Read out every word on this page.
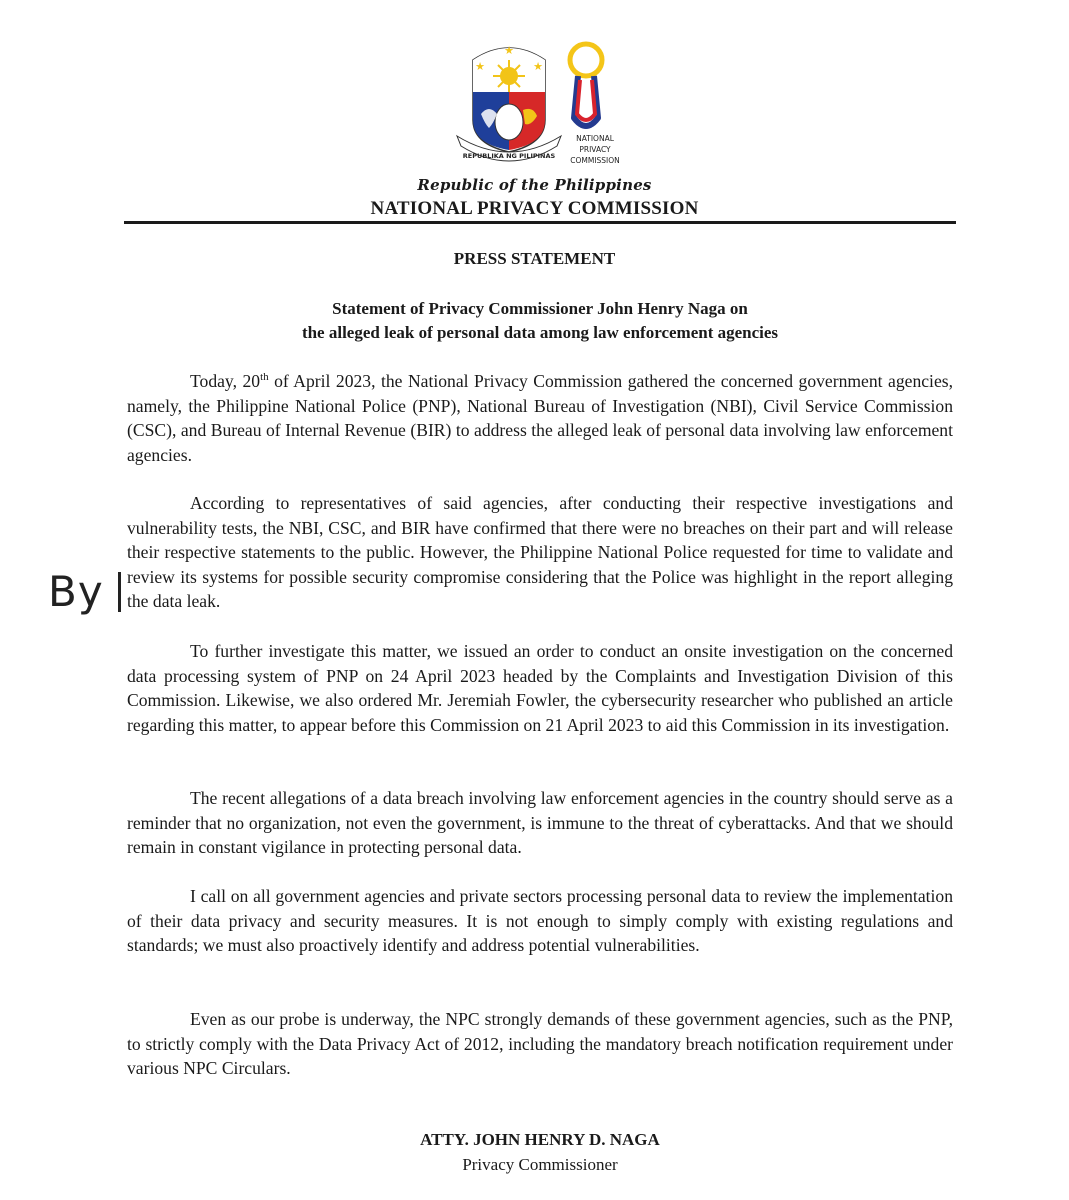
★
★	★
REPUBLIKA NG PILIPINAS
NATIONAL
PRIVACY
COMMISSION
Republic of the Philippines
NATIONAL PRIVACY COMMISSION
PRESS STATEMENT
Statement of Privacy Commissioner John Henry Naga on
the alleged leak of personal data among law enforcement agencies
Today, 20th of April 2023, the National Privacy Commission gathered the concerned government agencies, namely, the Philippine National Police (PNP), National Bureau of Investigation (NBI), Civil Service Commission (CSC), and Bureau of Internal Revenue (BIR) to address the alleged leak of personal data involving law enforcement agencies.
According to representatives of said agencies, after conducting their respective investigations and vulnerability tests, the NBI, CSC, and BIR have confirmed that there were no breaches on their part and will release their respective statements to the public. However, the Philippine National Police requested for time to validate and review its systems for possible security compromise considering that the Police was highlight in the report alleging the data leak.
To further investigate this matter, we issued an order to conduct an onsite investigation on the concerned data processing system of PNP on 24 April 2023 headed by the Complaints and Investigation Division of this Commission. Likewise, we also ordered Mr. Jeremiah Fowler, the cybersecurity researcher who published an article regarding this matter, to appear before this Commission on 21 April 2023 to aid this Commission in its investigation.
The recent allegations of a data breach involving law enforcement agencies in the country should serve as a reminder that no organization, not even the government, is immune to the threat of cyberattacks. And that we should remain in constant vigilance in protecting personal data.
I call on all government agencies and private sectors processing personal data to review the implementation of their data privacy and security measures. It is not enough to simply comply with existing regulations and standards; we must also proactively identify and address potential vulnerabilities.
Even as our probe is underway, the NPC strongly demands of these government agencies, such as the PNP, to strictly comply with the Data Privacy Act of 2012, including the mandatory breach notification requirement under various NPC Circulars.
By
ATTY. JOHN HENRY D. NAGA
Privacy Commissioner
